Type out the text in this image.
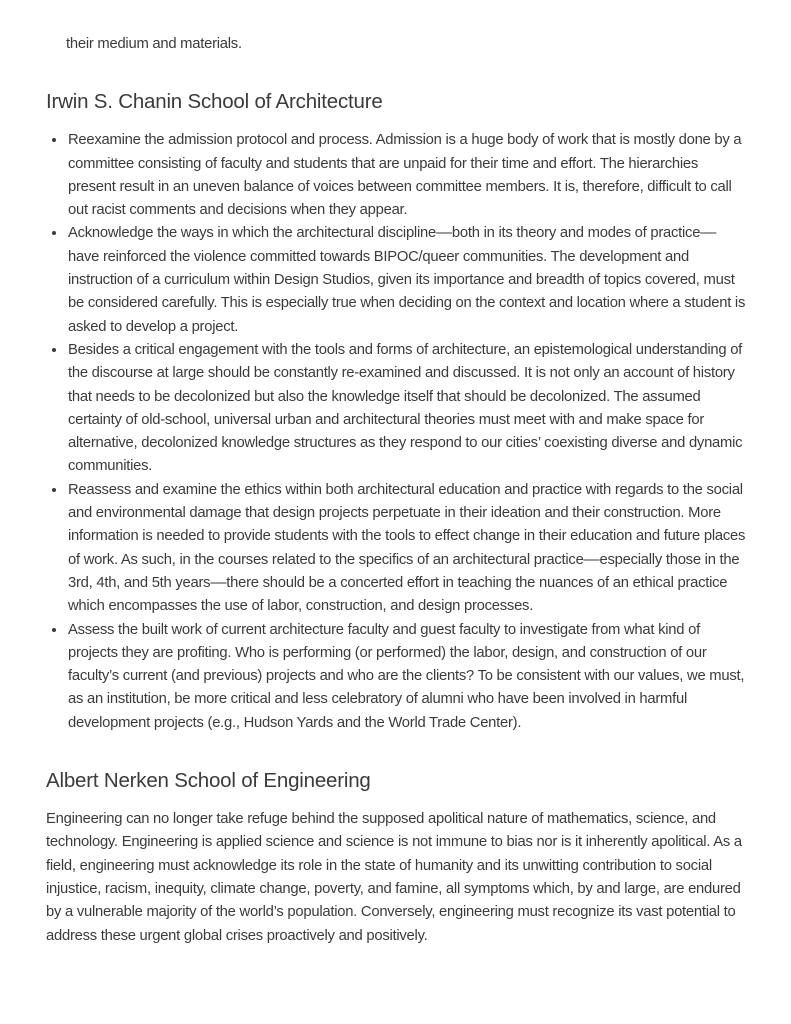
their medium and materials.

Irwin S. Chanin School of Architecture
• Reexamine the admission protocol and process. Admission is a huge body of work that is mostly done by a committee consisting of faculty and students that are unpaid for their time and effort. The hierarchies present result in an uneven balance of voices between committee members. It is, therefore, difficult to call out racist comments and decisions when they appear.
• Acknowledge the ways in which the architectural discipline––both in its theory and modes of practice––have reinforced the violence committed towards BIPOC/queer communities. The development and instruction of a curriculum within Design Studios, given its importance and breadth of topics covered, must be considered carefully. This is especially true when deciding on the context and location where a student is asked to develop a project.
• Besides a critical engagement with the tools and forms of architecture, an epistemological understanding of the discourse at large should be constantly re-examined and discussed. It is not only an account of history that needs to be decolonized but also the knowledge itself that should be decolonized. The assumed certainty of old-school, universal urban and architectural theories must meet with and make space for alternative, decolonized knowledge structures as they respond to our cities’ coexisting diverse and dynamic communities.
• Reassess and examine the ethics within both architectural education and practice with regards to the social and environmental damage that design projects perpetuate in their ideation and their construction. More information is needed to provide students with the tools to effect change in their education and future places of work. As such, in the courses related to the specifics of an architectural practice––especially those in the 3rd, 4th, and 5th years––there should be a concerted effort in teaching the nuances of an ethical practice which encompasses the use of labor, construction, and design processes.
• Assess the built work of current architecture faculty and guest faculty to investigate from what kind of projects they are profiting. Who is performing (or performed) the labor, design, and construction of our faculty’s current (and previous) projects and who are the clients? To be consistent with our values, we must, as an institution, be more critical and less celebratory of alumni who have been involved in harmful development projects (e.g., Hudson Yards and the World Trade Center).
Albert Nerken School of Engineering

Engineering can no longer take refuge behind the supposed apolitical nature of mathematics, science, and technology. Engineering is applied science and science is not immune to bias nor is it inherently apolitical. As a field, engineering must acknowledge its role in the state of humanity and its unwitting contribution to social injustice, racism, inequity, climate change, poverty, and famine, all symptoms which, by and large, are endured by a vulnerable majority of the world’s population. Conversely, engineering must recognize its vast potential to address these urgent global crises proactively and positively.
